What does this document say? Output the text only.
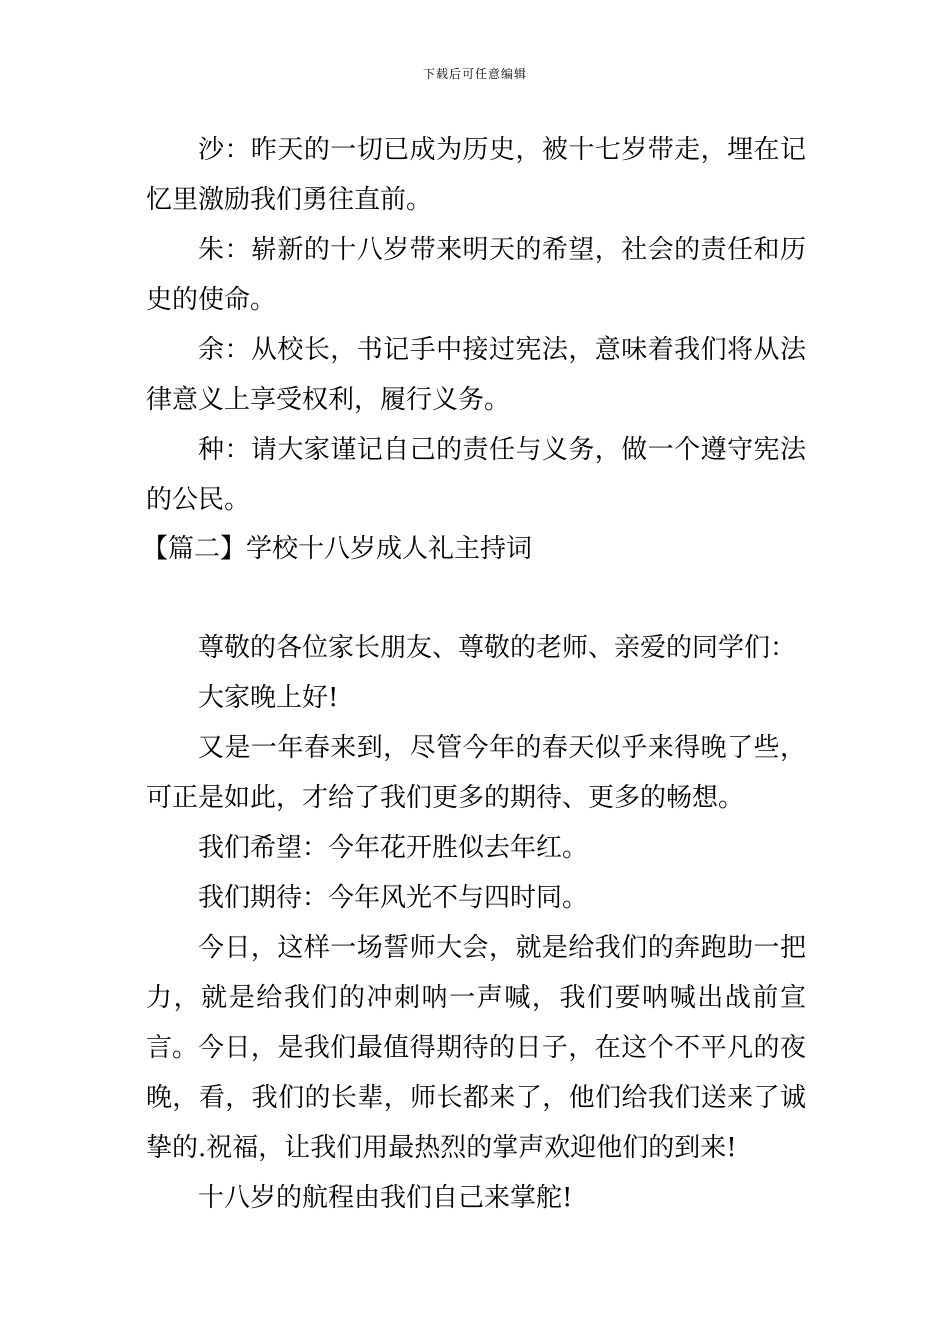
下载后可任意编辑
沙：昨天的一切已成为历史，被十七岁带走，埋在记忆里激励我们勇往直前。
朱：崭新的十八岁带来明天的希望，社会的责任和历史的使命。
余：从校长，书记手中接过宪法，意味着我们将从法律意义上享受权利，履行义务。
种：请大家谨记自己的责任与义务，做一个遵守宪法的公民。
【篇二】学校十八岁成人礼主持词
尊敬的各位家长朋友、尊敬的老师、亲爱的同学们：
大家晚上好!
又是一年春来到，尽管今年的春天似乎来得晚了些，可正是如此，才给了我们更多的期待、更多的畅想。
我们希望：今年花开胜似去年红。
我们期待：今年风光不与四时同。
今日，这样一场誓师大会，就是给我们的奔跑助一把力，就是给我们的冲刺呐一声喊，我们要呐喊出战前宣言。 今日，是我们最值得期待的日子，在这个不平凡的夜晚，看，我们的长辈，师长都来了，他们给我们送来了诚挚的.祝福，让我们用最热烈的掌声欢迎他们的到来!
十八岁的航程由我们自己来掌舵!
